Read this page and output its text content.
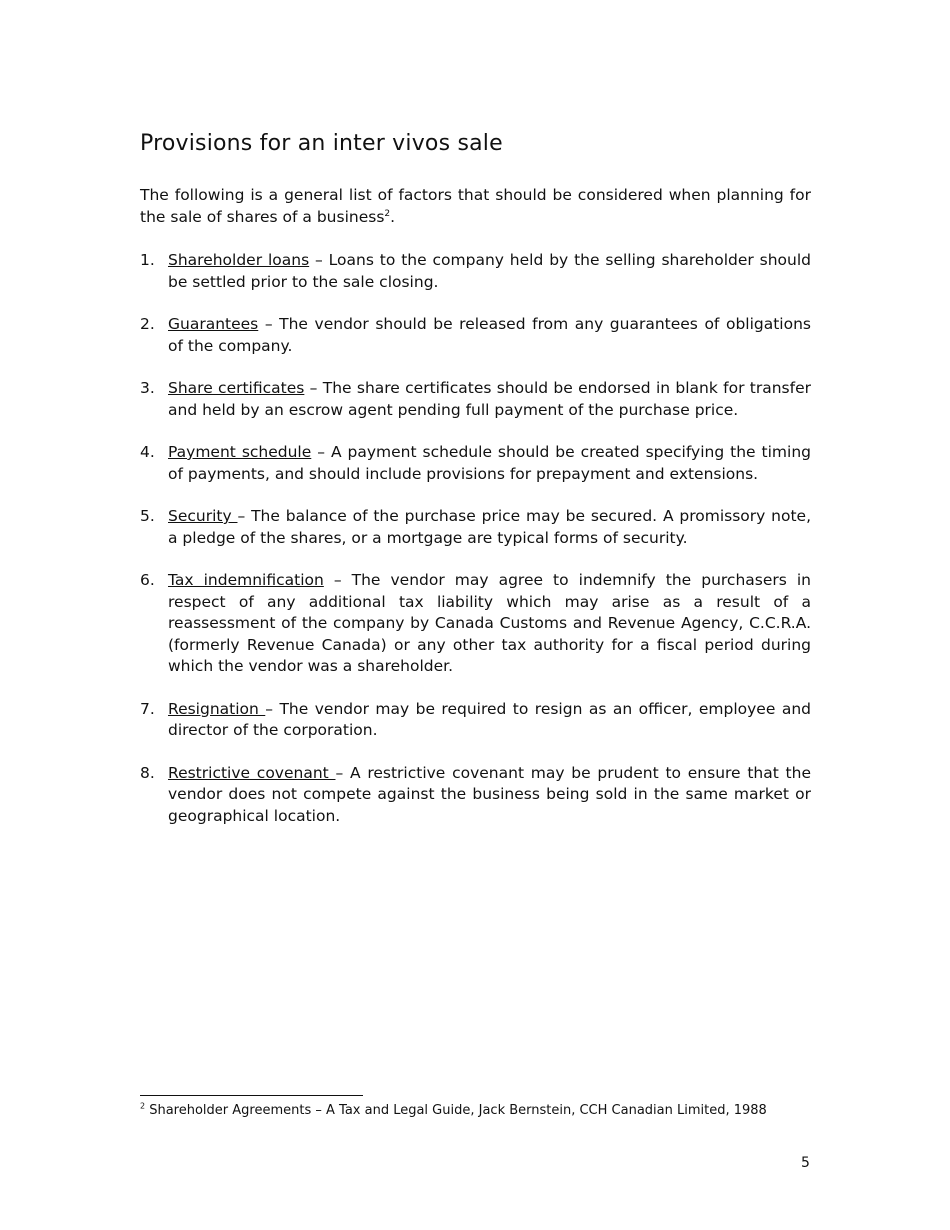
Provisions for an inter vivos sale

The following is a general list of factors that should be considered when planning for the sale of shares of a business$^2$.

1. Shareholder loans – Loans to the company held by the selling shareholder should be settled prior to the sale closing.
2. Guarantees – The vendor should be released from any guarantees of obligations of the company.
3. Share certificates – The share certificates should be endorsed in blank for transfer and held by an escrow agent pending full payment of the purchase price.
4. Payment schedule – A payment schedule should be created specifying the timing of payments, and should include provisions for prepayment and extensions.
5. Security – The balance of the purchase price may be secured. A promissory note, a pledge of the shares, or a mortgage are typical forms of security.
6. Tax indemnification – The vendor may agree to indemnify the purchasers in respect of any additional tax liability which may arise as a result of a reassessment of the company by Canada Customs and Revenue Agency, C.C.R.A. (formerly Revenue Canada) or any other tax authority for a fiscal period during which the vendor was a shareholder.
7. Resignation – The vendor may be required to resign as an officer, employee and director of the corporation.
8. Restrictive covenant – A restrictive covenant may be prudent to ensure that the vendor does not compete against the business being sold in the same market or geographical location.

$^2$ Shareholder Agreements – A Tax and Legal Guide, Jack Bernstein, CCH Canadian Limited, 1988

5
